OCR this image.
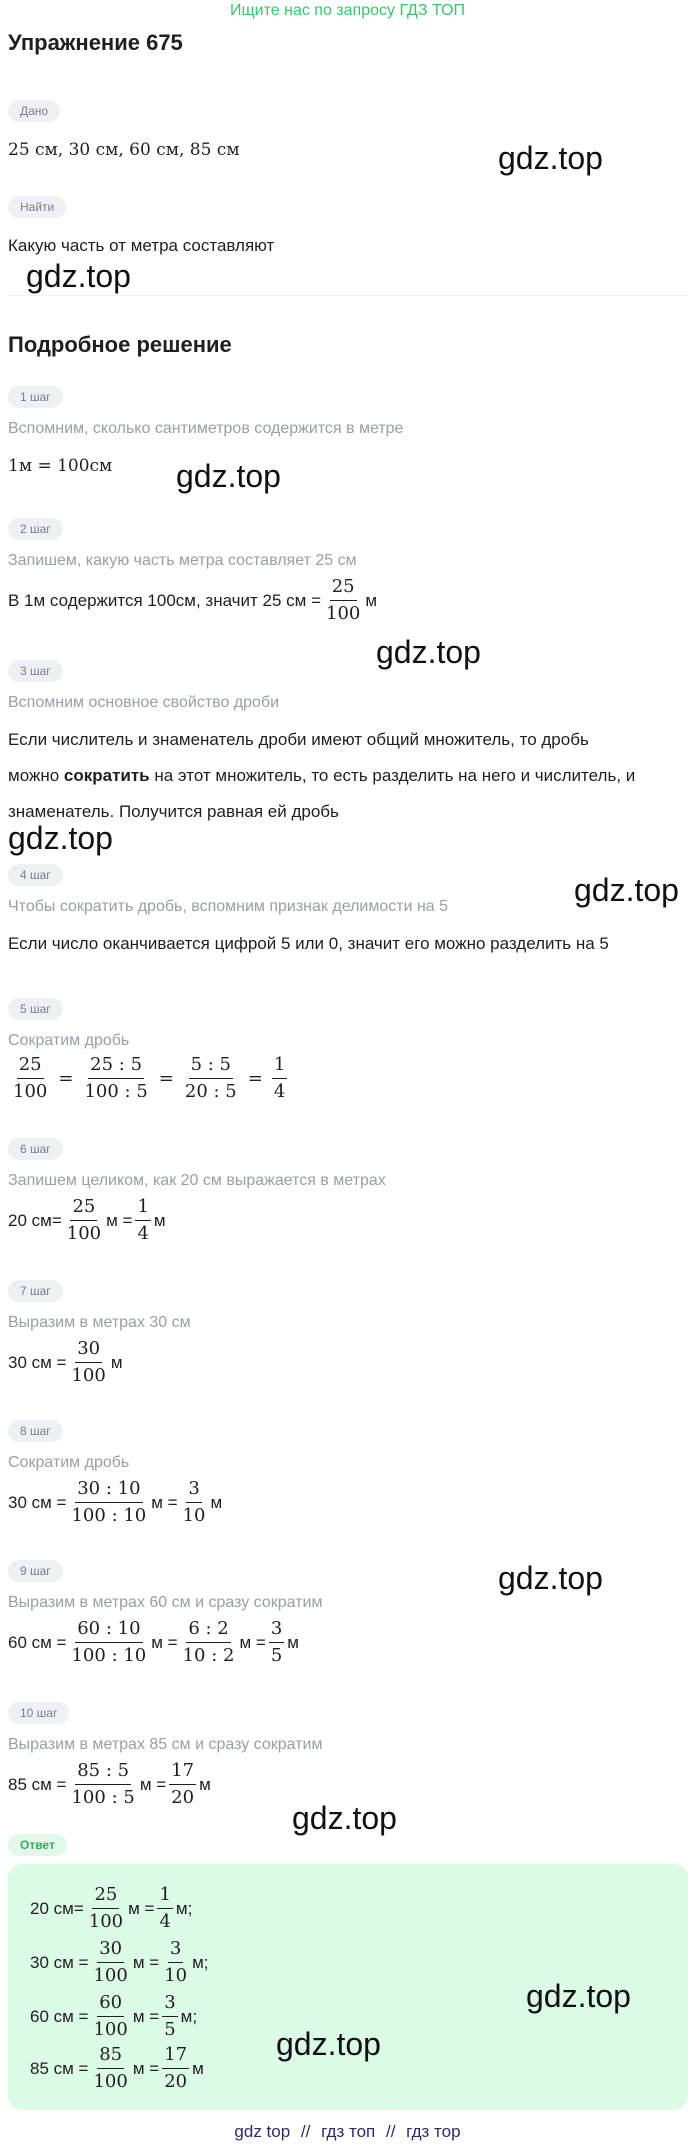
Ищите нас по запросу ГДЗ ТОП
Упражнение 675
Дано
25 см, 30 см, 60 см, 85 см	gdz.top
Найти
Какую часть от метра составляют
gdz.top
Подробное решение
1 шаг
Вспомним, сколько сантиметров содержится в метре
1м = 100см gdz.top
2 шаг
Запишем, какую часть метра составляет 25 см
В 1м содержится 100см, значит 25 см = $\frac{25}{100}$ м
gdz.top
3 шаг
Вспомним основное свойство дроби
Если числитель и знаменатель дроби имеют общий множитель, то дробь
можно сократить на этот множитель, то есть разделить на него и числитель, и
знаменатель. Получится равная ей дробь
gdz.top
4 шаг
Чтобы сократить дробь, вспомним признак делимости на 5	gdz.top
Если число оканчивается цифрой 5 или 0, значит его можно разделить на 5
5 шаг
Сократим дробь
$\frac{25}{100} = \frac{25 : 5}{100 : 5} = \frac{5 : 5}{20 : 5} = \frac{1}{4}$
6 шаг
Запишем целиком, как 20 см выражается в метрах
20 $см= \frac{25}{100}$ $м = \frac{1}{4}$ м
7 шаг
Выразим в метрах 30 см
30 см = $\frac{30}{100}$ м
8 шаг
Сократим дробь
30 см = $\frac{30 : 10}{100 : 10}$ $м = \frac{3}{10}$ м
9 шаг	gdz.top
Выразим в метрах 60 см и сразу сократим
60 см = $\frac{60 : 10}{100 : 10}$ $м = \frac{6 : 2}{10 : 2}$ $м = \frac{3}{5}$ м
10 шаг
Выразим в метрах 85 см и сразу сократим
85 см = $\frac{85 : 5}{100 : 5}$ $м = \frac{17}{20}$ м
gdz.top
Ответ
20 $см= \frac{25}{100}$ $м = \frac{1}{4} м$;
30 см = $\frac{30}{100}$ $м = \frac{3}{10} м$;
60 см = $\frac{60}{100}$ $м = \frac{3}{5} м$;
85 см = $\frac{85}{100}$ $м = \frac{17}{20}$ м
gdz.top
gdz.top
gdz top // гдз топ // гдз тор
